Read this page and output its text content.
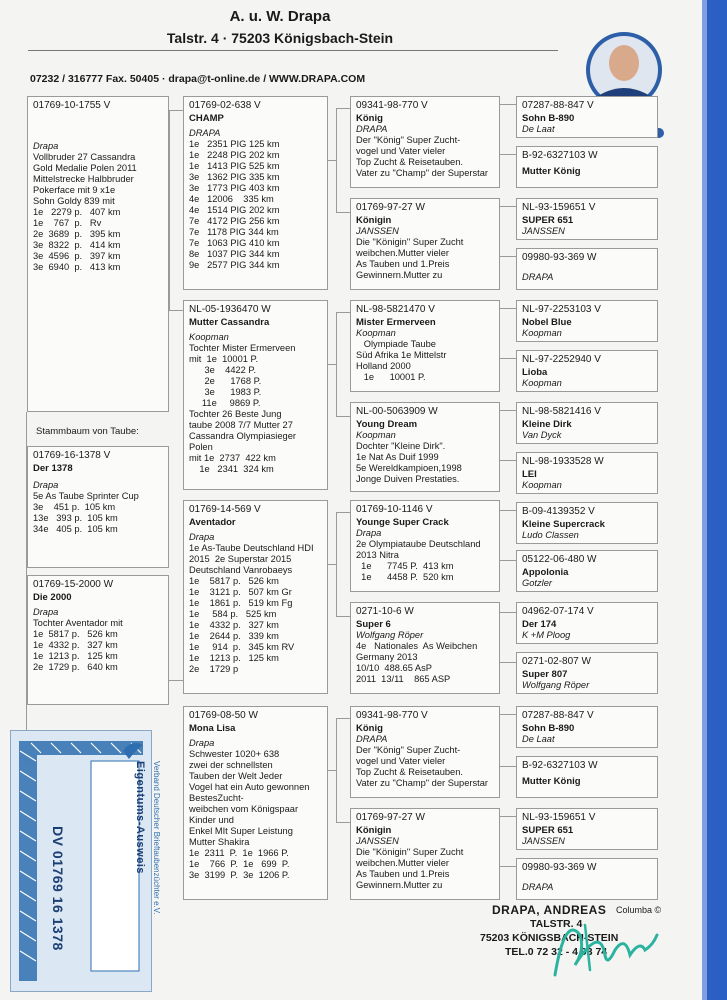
A. u. W. Drapa
Talstr. 4 · 75203 Königsbach-Stein
07232 / 316777 Fax. 50405 · drapa@t-online.de / WWW.DRAPA.COM
01769-10-1755 V
Drapa
Vollbruder 27 Cassandra
Gold Medalie Polen 2011
Mittelstrecke Halbbruder
Pokerface mit 9 x1e
Sohn Goldy 839 mit
1e   2279 p.   407 km
1e    767  p.   Rv
2e  3689  p.   395 km
3e  8322  p.   414 km
3e  4596  p.   397 km
3e  6940  p.   413 km
Stammbaum von Taube:
01769-16-1378 V
Der 1378
Drapa
5e As Taube Sprinter Cup
3e    451 p.  105 km
13e   393 p.  105 km
34e   405 p.  105 km
01769-15-2000 W
Die 2000
Drapa
Tochter Aventador mit
1e  5817 p.   526 km
1e  4332 p.   327 km
1e  1213 p.   125 km
2e  1729 p.   640 km
01769-02-638 V
CHAMP
DRAPA
1e   2351 PIG 125 km
1e   2248 PIG 202 km
1e   1413 PIG 525 km
3e   1362 PIG 335 km
3e   1773 PIG 403 km
4e   12006    335 km
4e   1514 PIG 202 km
7e   4172 PIG 256 km
7e   1178 PIG 344 km
7e   1063 PIG 410 km
8e   1037 PIG 344 km
9e   2577 PIG 344 km
NL-05-1936470 W
Mutter Cassandra
Koopman
Tochter Mister Ermerveen
mit  1e  10001 P.
3e    4422 P.
2e      1768 P.
3e      1983 P.
11e     9869 P.
Tochter 26 Beste Jung
taube 2008 7/7 Mutter 27
Cassandra Olympiasieger
Polen
mit 1e  2737  422 km
1e   2341  324 km
01769-14-569 V
Aventador
Drapa
1e As-Taube Deutschland HDI
2015  2e Superstar 2015
Deutschland Vanrobaeys
1e    5817 p.   526 km
1e    3121 p.   507 km Gr
1e    1861 p.   519 km Fg
1e     584 p.   525 km
1e    4332 p.   327 km
1e    2644 p.   339 km
1e     914  p.   345 km RV
1e    1213 p.   125 km
2e    1729 p
01769-08-50 W
Mona Lisa
Drapa
Schwester 1020+ 638
zwei der schnellsten
Tauben der Welt Jeder
Vogel hat ein Auto gewonnen
BestesZucht-
weibchen vom Königspaar
Kinder und
Enkel MIt Super Leistung
Mutter Shakira
1e  2311  P.  1e  1966 P.
1e    766  P.  1e   699  P.
3e  3199  P.  3e  1206 P.
09341-98-770 V
König
DRAPA
Der "König" Super Zucht-
vogel und Vater vieler
Top Zucht & Reisetauben.
Vater zu "Champ" der Superstar
01769-97-27 W
Königin
JANSSEN
Die "Königin" Super Zucht
weibchen.Mutter vieler
As Tauben und 1.Preis
Gewinnern.Mutter zu
NL-98-5821470 V
Mister Ermerveen
Koopman
Olympiade Taube
Süd Afrika 1e Mittelstr
Holland 2000
1e      10001 P.
NL-00-5063909 W
Young Dream
Koopman
Dochter "Kleine Dirk".
1e Nat As Duif 1999
5e Wereldkampioen,1998
Jonge Duiven Prestaties.
01769-10-1146 V
Younge Super Crack
Drapa
2e Olympiataube Deutschland
2013 Nitra
1e      7745 P.  413 km
1e      4458 P.  520 km
0271-10-6 W
Super 6
Wolfgang Röper
4e   Nationales  As Weibchen
Germany 2013
10/10  488.65 AsP
2011  13/11    865 ASP
09341-98-770 V
König
DRAPA
Der "König" Super Zucht-
vogel und Vater vieler
Top Zucht & Reisetauben.
Vater zu "Champ" der Superstar
01769-97-27 W
Königin
JANSSEN
Die "Königin" Super Zucht
weibchen.Mutter vieler
As Tauben und 1.Preis
Gewinnern.Mutter zu
07287-88-847 V
Sohn B-890
De Laat
B-92-6327103 W
Mutter König
NL-93-159651 V
SUPER 651
JANSSEN
09980-93-369 W
DRAPA
NL-97-2253103 V
Nobel Blue
Koopman
NL-97-2252940 V
Lioba
Koopman
NL-98-5821416 V
Kleine Dirk
Van Dyck
NL-98-1933528 W
LEI
Koopman
B-09-4139352 V
Kleine Supercrack
Ludo Classen
05122-06-480 W
Appolonia
Gotzler
04962-07-174 V
Der 174
K +M Ploog
0271-02-807 W
Super 807
Wolfgang Röper
07287-88-847 V
Sohn B-890
De Laat
B-92-6327103 W
Mutter König
NL-93-159651 V
SUPER 651
JANSSEN
09980-93-369 W
DRAPA
DV 01769 16 1378
Eigentums-Ausweis Verband Deutscher Brieftaubenzüchter e.V.	DRAPA, ANDREAS Columba ©
TALSTR. 4
75203 KÖNIGSBACH-STEIN
TEL.0 72 32 - 4 93 74
